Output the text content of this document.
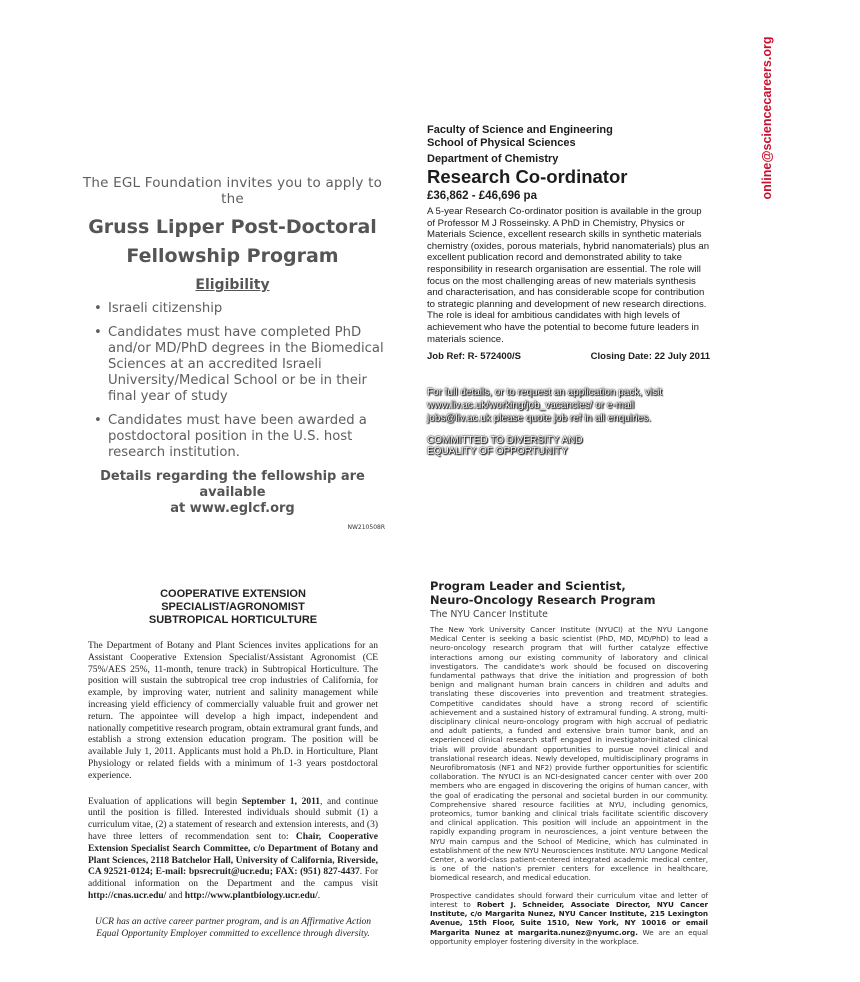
The EGL Foundation invites you to apply to the
Gruss Lipper Post-Doctoral
Fellowship Program
Eligibility
• Israeli citizenship
• Candidates must have completed PhD and/or MD/PhD degrees in the Biomedical Sciences at an accredited Israeli University/Medical School or be in their final year of study
• Candidates must have been awarded a postdoctoral position in the U.S. host research institution.
Details regarding the fellowship are available
at www.eglcf.org
NW210508R
Faculty of Science and Engineering
School of Physical Sciences
Department of Chemistry
Research Co-ordinator
£36,862 - £46,696 pa
A 5-year Research Co-ordinator position is available in the group of Professor M J Rosseinsky. A PhD in Chemistry, Physics or Materials Science, excellent research skills in synthetic materials chemistry (oxides, porous materials, hybrid nanomaterials) plus an excellent publication record and demonstrated ability to take responsibility in research organisation are essential. The role will focus on the most challenging areas of new materials synthesis and characterisation, and has considerable scope for contribution to strategic planning and development of new research directions. The role is ideal for ambitious candidates with high levels of achievement who have the potential to become future leaders in materials science.
Job Ref: R- 572400/S	Closing Date: 22 July 2011
For full details, or to request an application pack, visit
www.liv.ac.uk/working/job_vacancies/ or e-mail
jobs@liv.ac.uk please quote job ref in all enquiries.
COMMITTED TO DIVERSITY AND
EQUALITY OF OPPORTUNITY
online@sciencecareers.org
COOPERATIVE EXTENSION
SPECIALIST/AGRONOMIST
SUBTROPICAL HORTICULTURE
The Department of Botany and Plant Sciences invites applications for an Assistant Cooperative Extension Specialist/Assistant Agronomist (CE 75%/AES 25%, 11-month, tenure track) in Subtropical Horticulture. The position will sustain the subtropical tree crop industries of California, for example, by improving water, nutrient and salinity management while increasing yield efficiency of commercially valuable fruit and grower net return. The appointee will develop a high impact, independent and nationally competitive research program, obtain extramural grant funds, and establish a strong extension education program. The position will be available July 1, 2011. Applicants must hold a Ph.D. in Horticulture, Plant Physiology or related fields with a minimum of 1-3 years postdoctoral experience.
Evaluation of applications will begin September 1, 2011, and continue until the position is filled. Interested individuals should submit (1) a curriculum vitae, (2) a statement of research and extension interests, and (3) have three letters of recommendation sent to: Chair, Cooperative Extension Specialist Search Committee, c/o Department of Botany and Plant Sciences, 2118 Batchelor Hall, University of California, Riverside, CA 92521-0124; E-mail: bpsrecruit@ucr.edu; FAX: (951) 827-4437. For additional information on the Department and the campus visit http://cnas.ucr.edu/ and http://www.plantbiology.ucr.edu/.
UCR has an active career partner program, and is an Affirmative Action Equal Opportunity Employer committed to excellence through diversity.
Program Leader and Scientist,
Neuro-Oncology Research Program
The NYU Cancer Institute
The New York University Cancer Institute (NYUCI) at the NYU Langone Medical Center is seeking a basic scientist (PhD, MD, MD/PhD) to lead a neuro-oncology research program that will further catalyze effective interactions among our existing community of laboratory and clinical investigators. The candidate's work should be focused on discovering fundamental pathways that drive the initiation and progression of both benign and malignant human brain cancers in children and adults and translating these discoveries into prevention and treatment strategies. Competitive candidates should have a strong record of scientific achievement and a sustained history of extramural funding. A strong, multi-disciplinary clinical neuro-oncology program with high accrual of pediatric and adult patients, a funded and extensive brain tumor bank, and an experienced clinical research staff engaged in investigator-initiated clinical trials will provide abundant opportunities to pursue novel clinical and translational research ideas. Newly developed, multidisciplinary programs in Neurofibromatosis (NF1 and NF2) provide further opportunities for scientific collaboration. The NYUCI is an NCI-designated cancer center with over 200 members who are engaged in discovering the origins of human cancer, with the goal of eradicating the personal and societal burden in our community. Comprehensive shared resource facilities at NYU, including genomics, proteomics, tumor banking and clinical trials facilitate scientific discovery and clinical application. This position will include an appointment in the rapidly expanding program in neurosciences, a joint venture between the NYU main campus and the School of Medicine, which has culminated in establishment of the new NYU Neurosciences Institute. NYU Langone Medical Center, a world-class patient-centered integrated academic medical center, is one of the nation's premier centers for excellence in healthcare, biomedical research, and medical education.
Prospective candidates should forward their curriculum vitae and letter of interest to Robert J. Schneider, Associate Director, NYU Cancer Institute, c/o Margarita Nunez, NYU Cancer Institute, 215 Lexington Avenue, 15th Floor, Suite 1510, New York, NY 10016 or email Margarita Nunez at margarita.nunez@nyumc.org. We are an equal opportunity employer fostering diversity in the workplace.
